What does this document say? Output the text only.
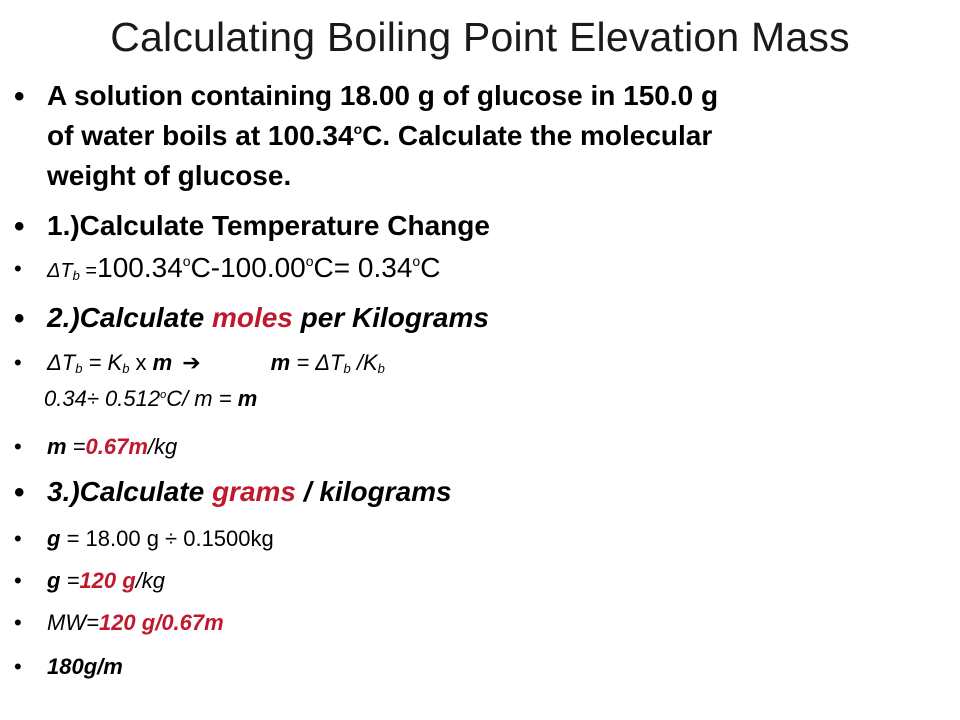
Calculating Boiling Point Elevation Mass
• A solution containing 18.00 g of glucose in 150.0 g
of water boils at 100.34$^o$C. Calculate the molecular
weight of glucose.
• 1.)Calculate Temperature Change
• $\Delta T_b =100.34^oC-100.00^oC= 0.34^oC$
• 2.)Calculate moles per Kilograms
• $\Delta T_b = K_b$ x m ➔	$m = \Delta T_b$ $/K_b$
$0.34\div 0.512^oC/$ m = m
• m =0.67m/kg
• 3.)Calculate grams / kilograms
• g = 18.00 g ÷ 0.1500kg
• g =120 g/kg
• MW=120 g/0.67m
• 180g/m
